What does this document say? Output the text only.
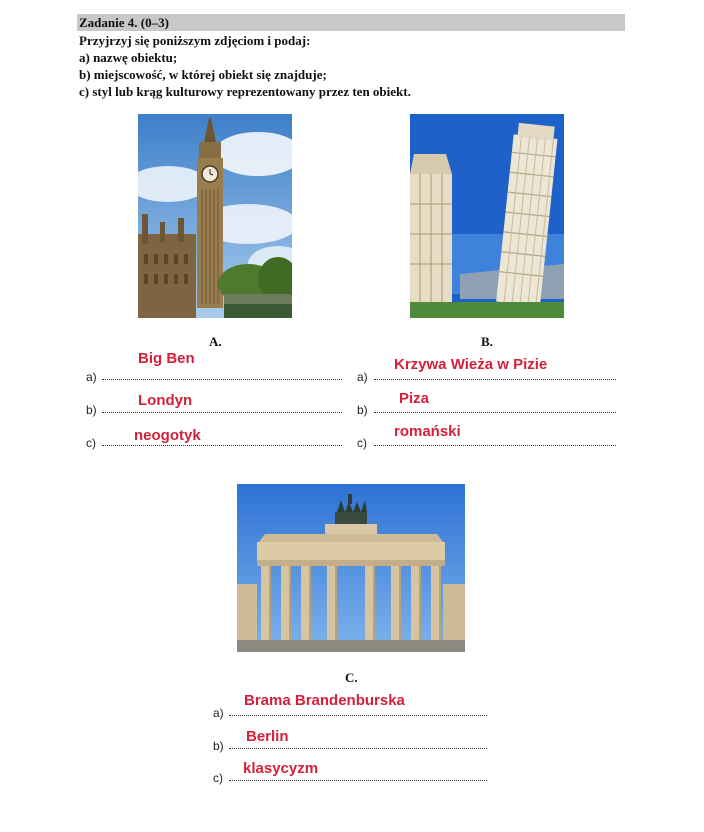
Zadanie 4. (0–3)
Przyjrzyj się poniższym zdjęciom i podaj:
a) nazwę obiektu;
b) miejscowość, w której obiekt się znajduje;
c) styl lub krąg kulturowy reprezentowany przez ten obiekt.
A.	B.
a)
Big Ben
b)
Londyn
c)	neogotyk
a)
Krzywa Wieża w Pizie
b)
Piza
c)
romański
C.
a)
Brama Brandenburska
b)
Berlin
c)
klasycyzm
